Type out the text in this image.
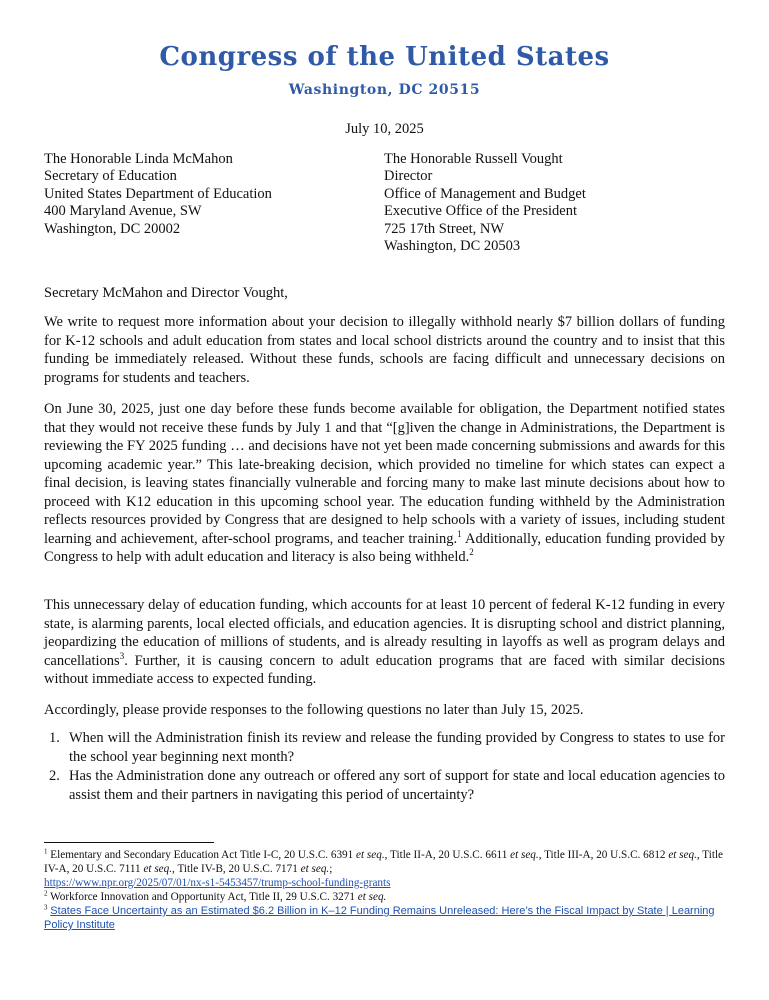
Congress of the United States
Washington, DC 20515
July 10, 2025
The Honorable Linda McMahon
Secretary of Education
United States Department of Education
400 Maryland Avenue, SW
Washington, DC 20002
The Honorable Russell Vought
Director
Office of Management and Budget
Executive Office of the President
725 17th Street, NW
Washington, DC 20503
Secretary McMahon and Director Vought,
We write to request more information about your decision to illegally withhold nearly $7 billion dollars of funding for K-12 schools and adult education from states and local school districts around the country and to insist that this funding be immediately released. Without these funds, schools are facing difficult and unnecessary decisions on programs for students and teachers.
On June 30, 2025, just one day before these funds become available for obligation, the Department notified states that they would not receive these funds by July 1 and that “[g]iven the change in Administrations, the Department is reviewing the FY 2025 funding … and decisions have not yet been made concerning submissions and awards for this upcoming academic year.” This late-breaking decision, which provided no timeline for which states can expect a final decision, is leaving states financially vulnerable and forcing many to make last minute decisions about how to proceed with K12 education in this upcoming school year. The education funding withheld by the Administration reflects resources provided by Congress that are designed to help schools with a variety of issues, including student learning and achievement, after-school programs, and teacher training.$^1$ Additionally, education funding provided by Congress to help with adult education and literacy is also being withheld.$^2$
This unnecessary delay of education funding, which accounts for at least 10 percent of federal K-12 funding in every state, is alarming parents, local elected officials, and education agencies. It is disrupting school and district planning, jeopardizing the education of millions of students, and is already resulting in layoffs as well as program delays and cancellations$^3$. Further, it is causing concern to adult education programs that are faced with similar decisions without immediate access to expected funding.
Accordingly, please provide responses to the following questions no later than July 15, 2025.
1. When will the Administration finish its review and release the funding provided by Congress to states to use for the school year beginning next month?
2. Has the Administration done any outreach or offered any sort of support for state and local education agencies to assist them and their partners in navigating this period of uncertainty?
$^1$ Elementary and Secondary Education Act Title I-C, 20 U.S.C. 6391 et seq., Title II-A, 20 U.S.C. 6611 et seq., Title III-A, 20 U.S.C. 6812 et seq., Title IV-A, 20 U.S.C. 7111 et seq., Title IV-B, 20 U.S.C. 7171 et seq.;
https://www.npr.org/2025/07/01/nx-s1-5453457/trump-school-funding-grants
$^2$ Workforce Innovation and Opportunity Act, Title II, 29 U.S.C. 3271 et seq.
$^3$ States Face Uncertainty as an Estimated $6.2 Billion in K–12 Funding Remains Unreleased: Here’s the Fiscal Impact by State | Learning Policy Institute
